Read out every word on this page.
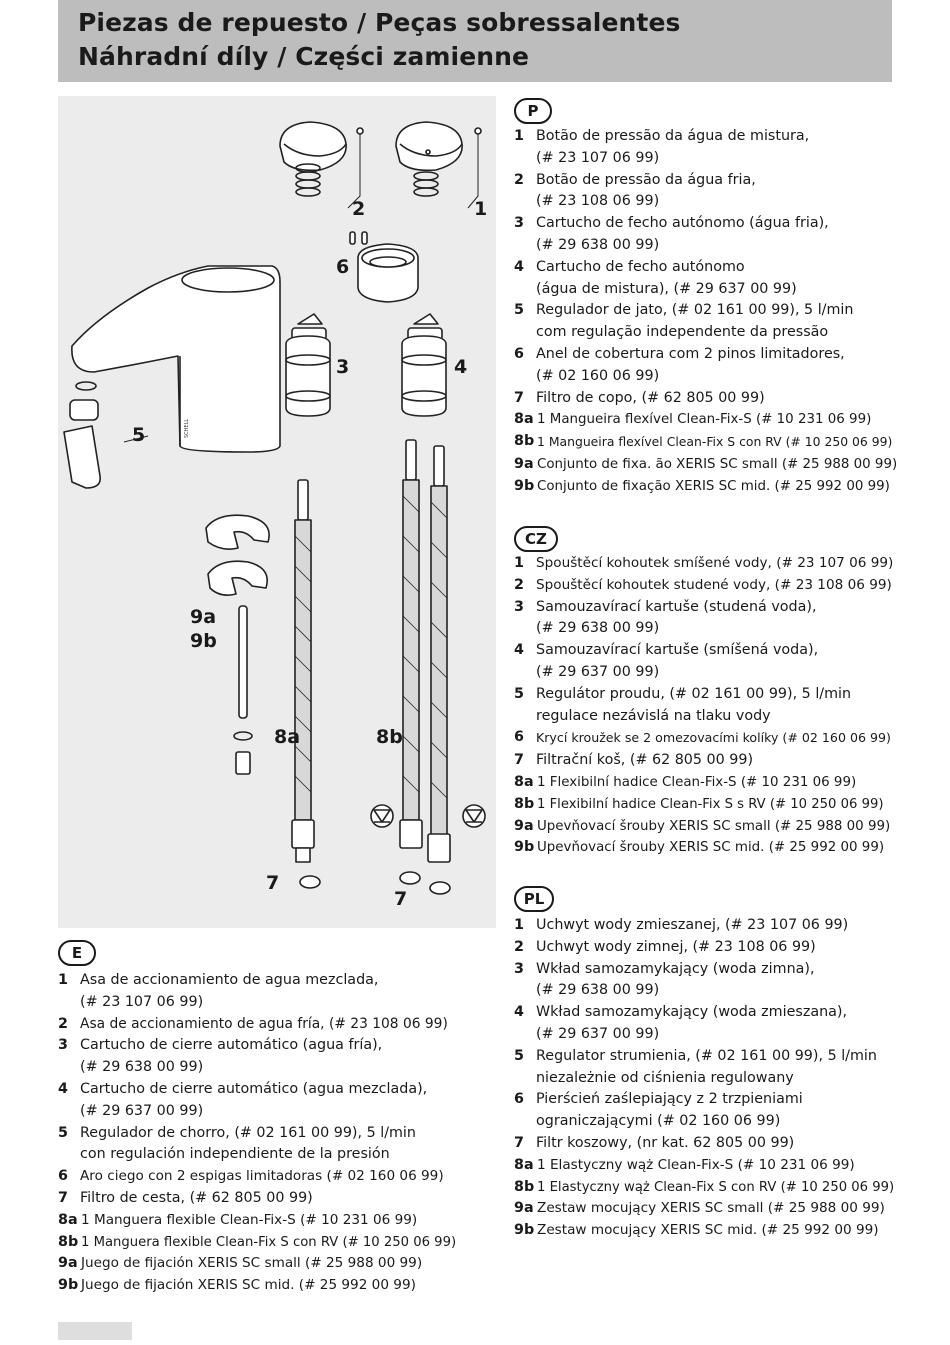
Piezas de repuesto / Peças sobressalentes
Náhradní díly / Części zamienne
SCHELL
1
2
3	4
5
6
7
7
8a	8b
9a
9b
P
1 Botão de pressão da água de mistura,
(# 23 107 06 99)
2 Botão de pressão da água fria,
(# 23 108 06 99)
3 Cartucho de fecho autónomo (água fria),
(# 29 638 00 99)
4 Cartucho de fecho autónomo
(água de mistura), (# 29 637 00 99)
5 Regulador de jato, (# 02 161 00 99), 5 l/min
com regulação independente da pressão
6 Anel de cobertura com 2 pinos limitadores,
(# 02 160 06 99)
7 Filtro de copo, (# 62 805 00 99)
8a 1 Mangueira flexível Clean-Fix-S (# 10 231 06 99)
8b 1 Mangueira flexível Clean-Fix S con RV (# 10 250 06 99)
9a Conjunto de fixa. ão XERIS SC small (# 25 988 00 99)
9b Conjunto de fixação XERIS SC mid. (# 25 992 00 99)
CZ
1 Spouštěcí kohoutek smíšené vody, (# 23 107 06 99)
2 Spouštěcí kohoutek studené vody, (# 23 108 06 99)
3 Samouzavírací kartuše (studená voda),
(# 29 638 00 99)
4 Samouzavírací kartuše (smíšená voda),
(# 29 637 00 99)
5 Regulátor proudu, (# 02 161 00 99), 5 l/min
regulace nezávislá na tlaku vody
6 Krycí kroužek se 2 omezovacími kolíky (# 02 160 06 99)
7 Filtrační koš, (# 62 805 00 99)
8a 1 Flexibilní hadice Clean-Fix-S (# 10 231 06 99)
8b 1 Flexibilní hadice Clean-Fix S s RV (# 10 250 06 99)
9a Upevňovací šrouby XERIS SC small (# 25 988 00 99)
9b Upevňovací šrouby XERIS SC mid. (# 25 992 00 99)
PL
1 Uchwyt wody zmieszanej, (# 23 107 06 99)
2 Uchwyt wody zimnej, (# 23 108 06 99)
3 Wkład samozamykający (woda zimna),
(# 29 638 00 99)
4 Wkład samozamykający (woda zmieszana),
(# 29 637 00 99)
5 Regulator strumienia, (# 02 161 00 99), 5 l/min
niezależnie od ciśnienia regulowany
6 Pierścień zaślepiający z 2 trzpieniami
ograniczającymi (# 02 160 06 99)
7 Filtr koszowy, (nr kat. 62 805 00 99)
8a 1 Elastyczny wąż Clean-Fix-S (# 10 231 06 99)
8b 1 Elastyczny wąż Clean-Fix S con RV (# 10 250 06 99)
9a Zestaw mocujący XERIS SC small (# 25 988 00 99)
9b Zestaw mocujący XERIS SC mid. (# 25 992 00 99)
E
1 Asa de accionamiento de agua mezclada,
(# 23 107 06 99)
2 Asa de accionamiento de agua fría, (# 23 108 06 99)
3 Cartucho de cierre automático (agua fría),
(# 29 638 00 99)
4 Cartucho de cierre automático (agua mezclada),
(# 29 637 00 99)
5 Regulador de chorro, (# 02 161 00 99), 5 l/min
con regulación independiente de la presión
6 Aro ciego con 2 espigas limitadoras (# 02 160 06 99)
7 Filtro de cesta, (# 62 805 00 99)
8a 1 Manguera flexible Clean-Fix-S (# 10 231 06 99)
8b 1 Manguera flexible Clean-Fix S con RV (# 10 250 06 99)
9a Juego de fijación XERIS SC small (# 25 988 00 99)
9b Juego de fijación XERIS SC mid. (# 25 992 00 99)
